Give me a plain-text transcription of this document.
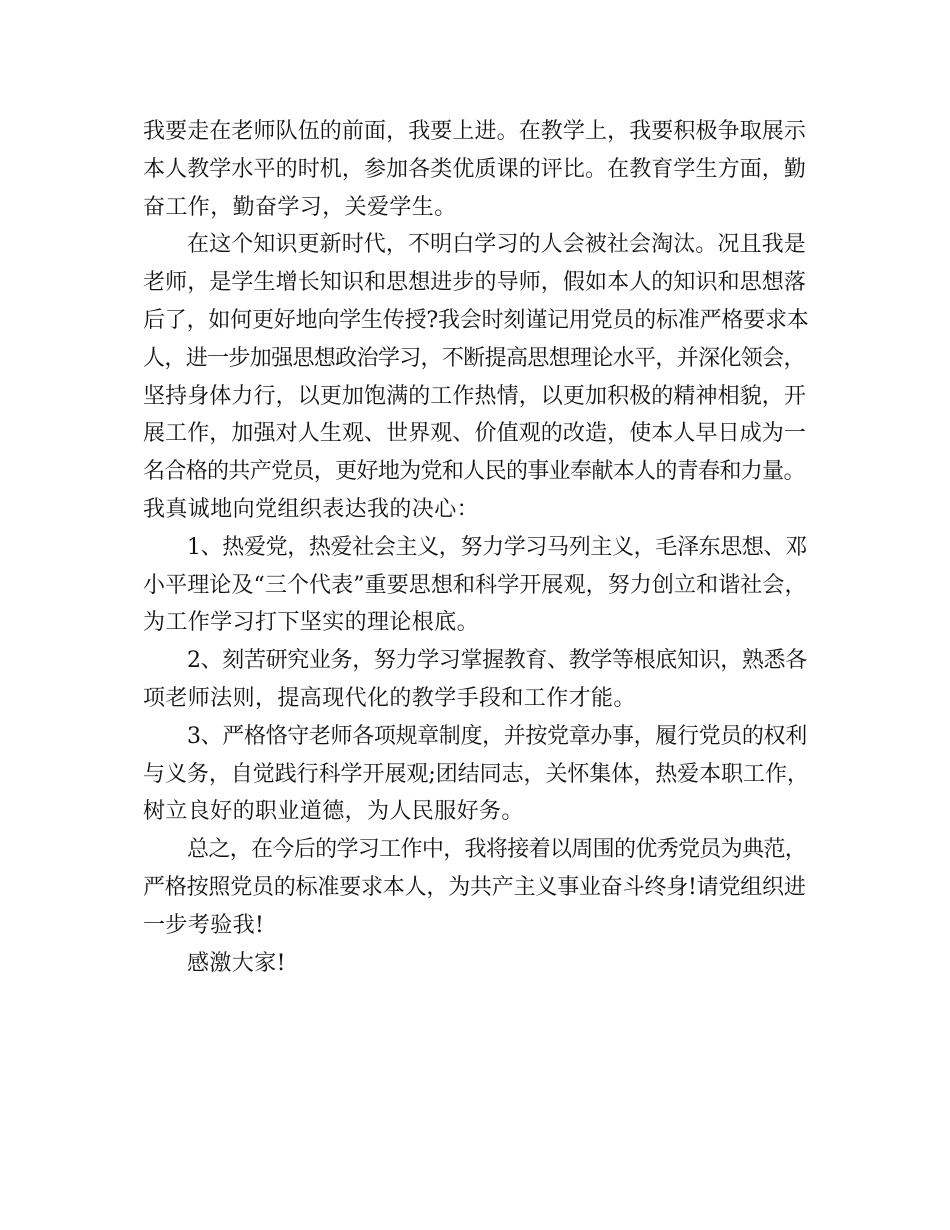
我要走在老师队伍的前面，我要上进。在教学上，我要积极争取展示
本人教学水平的时机，参加各类优质课的评比。在教育学生方面，勤
奋工作，勤奋学习，关爱学生。
在这个知识更新时代，不明白学习的人会被社会淘汰。况且我是
老师，是学生增长知识和思想进步的导师，假如本人的知识和思想落
后了，如何更好地向学生传授?我会时刻谨记用党员的标准严格要求本
人，进一步加强思想政治学习，不断提高思想理论水平，并深化领会，
坚持身体力行，以更加饱满的工作热情，以更加积极的精神相貌，开
展工作，加强对人生观、世界观、价值观的改造，使本人早日成为一
名合格的共产党员，更好地为党和人民的事业奉献本人的青春和力量。
我真诚地向党组织表达我的决心：
1、热爱党，热爱社会主义，努力学习马列主义，毛泽东思想、邓
小平理论及“三个代表”重要思想和科学开展观，努力创立和谐社会，
为工作学习打下坚实的理论根底。
2、刻苦研究业务，努力学习掌握教育、教学等根底知识，熟悉各
项老师法则，提高现代化的教学手段和工作才能。
3、严格恪守老师各项规章制度，并按党章办事，履行党员的权利
与义务，自觉践行科学开展观;团结同志，关怀集体，热爱本职工作，
树立良好的职业道德，为人民服好务。
总之，在今后的学习工作中，我将接着以周围的优秀党员为典范，
严格按照党员的标准要求本人，为共产主义事业奋斗终身!请党组织进
一步考验我!
感激大家!
